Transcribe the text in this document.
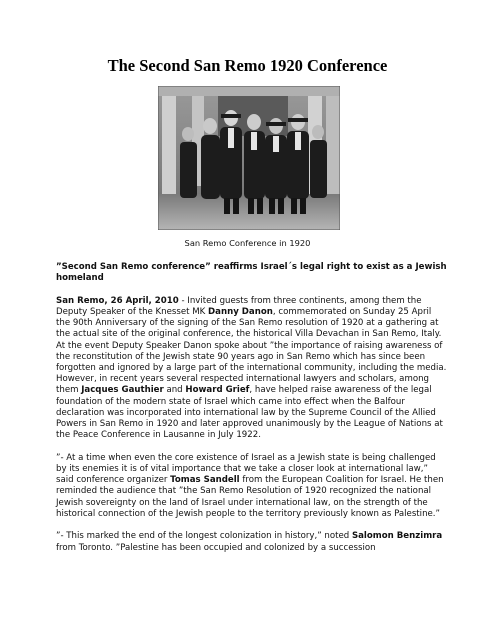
The Second San Remo 1920 Conference
San Remo Conference in 1920

”Second San Remo conference” reaffirms Israel´s legal right to exist as a Jewish homeland

San Remo, 26 April, 2010 - Invited guests from three continents, among them the Deputy Speaker of the Knesset MK Danny Danon, commemorated on Sunday 25 April the 90th Anniversary of the signing of the San Remo resolution of 1920 at a gathering at the actual site of the original conference, the historical Villa Devachan in San Remo, Italy. At the event Deputy Speaker Danon spoke about ”the importance of raising awareness of the reconstitution of the Jewish state 90 years ago in San Remo which has since been forgotten and ignored by a large part of the international community, including the media. However, in recent years several respected international lawyers and scholars, among them Jacques Gauthier and Howard Grief, have helped raise awareness of the legal foundation of the modern state of Israel which came into effect when the Balfour declaration was incorporated into international law by the Supreme Council of the Allied Powers in San Remo in 1920 and later approved unanimously by the League of Nations at the Peace Conference in Lausanne in July 1922.

”- At a time when even the core existence of Israel as a Jewish state is being challenged by its enemies it is of vital importance that we take a closer look at international law,” said conference organizer Tomas Sandell from the European Coalition for Israel. He then reminded the audience that ”the San Remo Resolution of 1920 recognized the national Jewish sovereignty on the land of Israel under international law, on the strength of the historical connection of the Jewish people to the territory previously known as Palestine.”

”- This marked the end of the longest colonization in history,” noted Salomon Benzimra from Toronto. ”Palestine has been occupied and colonized by a succession
